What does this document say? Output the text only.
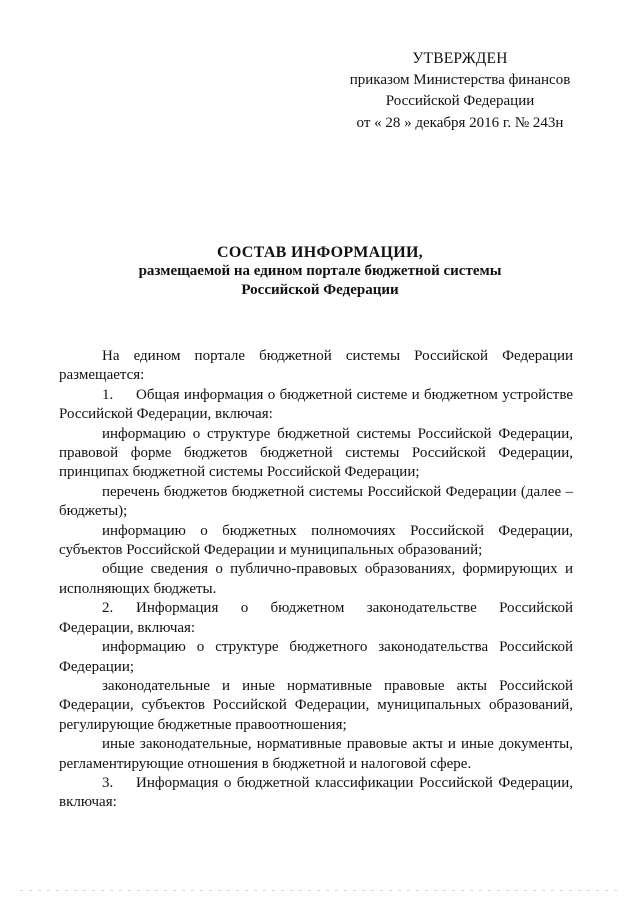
УТВЕРЖДЕН
приказом Министерства финансов
Российской Федерации
от « 28 » декабря 2016 г. № 243н
СОСТАВ ИНФОРМАЦИИ,
размещаемой на едином портале бюджетной системы
Российской Федерации

На едином портале бюджетной системы Российской Федерации размещается:

1. Общая информация о бюджетной системе и бюджетном устройстве Российской Федерации, включая:

информацию о структуре бюджетной системы Российской Федерации, правовой форме бюджетов бюджетной системы Российской Федерации, принципах бюджетной системы Российской Федерации;

перечень бюджетов бюджетной системы Российской Федерации (далее – бюджеты);

информацию о бюджетных полномочиях Российской Федерации, субъектов Российской Федерации и муниципальных образований;

общие сведения о публично-правовых образованиях, формирующих и исполняющих бюджеты.

2. Информация о бюджетном законодательстве Российской Федерации, включая:

информацию о структуре бюджетного законодательства Российской Федерации;

законодательные и иные нормативные правовые акты Российской Федерации, субъектов Российской Федерации, муниципальных образований, регулирующие бюджетные правоотношения;

иные законодательные, нормативные правовые акты и иные документы, регламентирующие отношения в бюджетной и налоговой сфере.

3. Информация о бюджетной классификации Российской Федерации, включая:
